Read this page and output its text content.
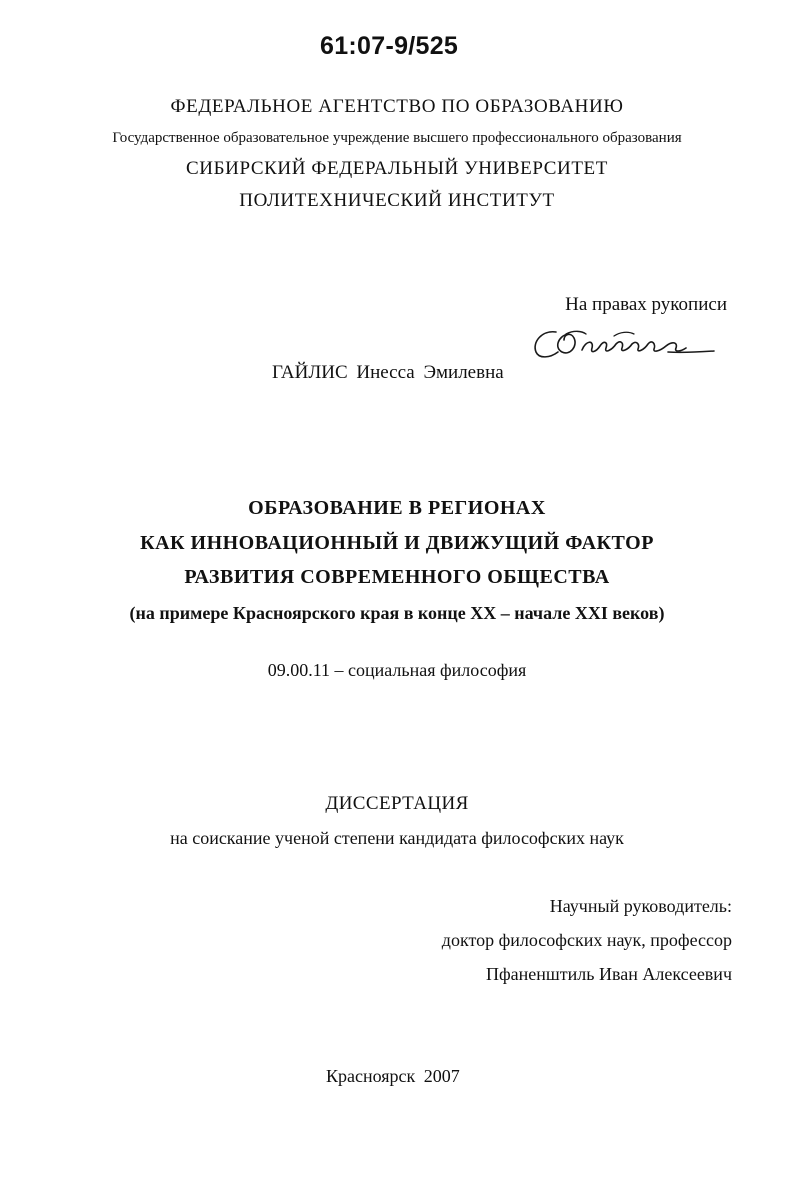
61:07-9/525
ФЕДЕРАЛЬНОЕ АГЕНТСТВО ПО ОБРАЗОВАНИЮ
Государственное образовательное учреждение высшего профессионального образования
СИБИРСКИЙ ФЕДЕРАЛЬНЫЙ УНИВЕРСИТЕТ
ПОЛИТЕХНИЧЕСКИЙ ИНСТИТУТ
На правах рукописи
ГАЙЛИС Инесса Эмилевна
ОБРАЗОВАНИЕ В РЕГИОНАХ
КАК ИННОВАЦИОННЫЙ И ДВИЖУЩИЙ ФАКТОР
РАЗВИТИЯ СОВРЕМЕННОГО ОБЩЕСТВА
(на примере Красноярского края в конце XX – начале XXI веков)
09.00.11 – социальная философия
ДИССЕРТАЦИЯ
на соискание ученой степени кандидата философских наук
Научный руководитель:
доктор философских наук, профессор
Пфаненштиль Иван Алексеевич
Красноярск 2007
